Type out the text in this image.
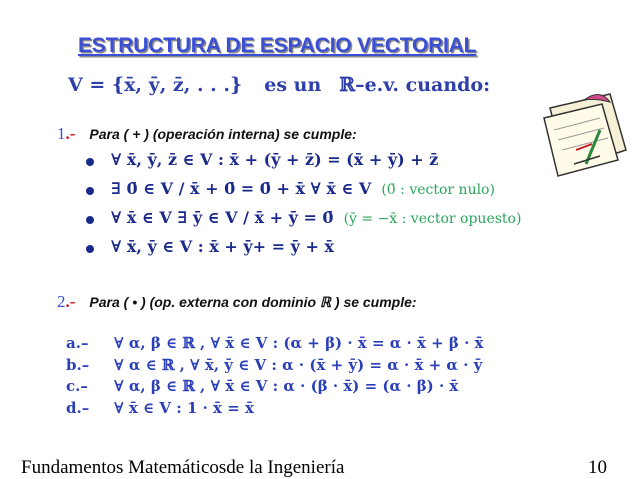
ESTRUCTURA DE ESPACIO VECTORIAL
V = {x̄, ȳ, z̄, . . .} es un ℝ–e.v. cuando:
1.- Para ( + ) (operación interna) se cumple:
∀ x̄, ȳ, z̄ ∈ V : x̄ + (ȳ + z̄) = (x̄ + ȳ) + z̄
∃ 0̄ ∈ V / x̄ + 0̄ = 0̄ + x̄ ∀ x̄ ∈ V (0̄ : vector nulo)
∀ x̄ ∈ V ∃ ȳ ∈ V / x̄ + ȳ = 0̄ (ȳ = −x̄ : vector opuesto)
∀ x̄, ȳ ∈ V : x̄ + ȳ+ = ȳ + x̄
2.- Para ( • ) (op. externa con dominio ℝ ) se cumple:
a.– ∀ α, β ∈ ℝ , ∀ x̄ ∈ V : (α + β) · x̄ = α · x̄ + β · x̄
b.– ∀ α ∈ ℝ , ∀ x̄, ȳ ∈ V : α · (x̄ + ȳ) = α · x̄ + α · ȳ
c.– ∀ α, β ∈ ℝ , ∀ x̄ ∈ V : α · (β · x̄) = (α · β) · x̄
d.– ∀ x̄ ∈ V : 1 · x̄ = x̄
Fundamentos Matemáticosde la Ingeniería	10
